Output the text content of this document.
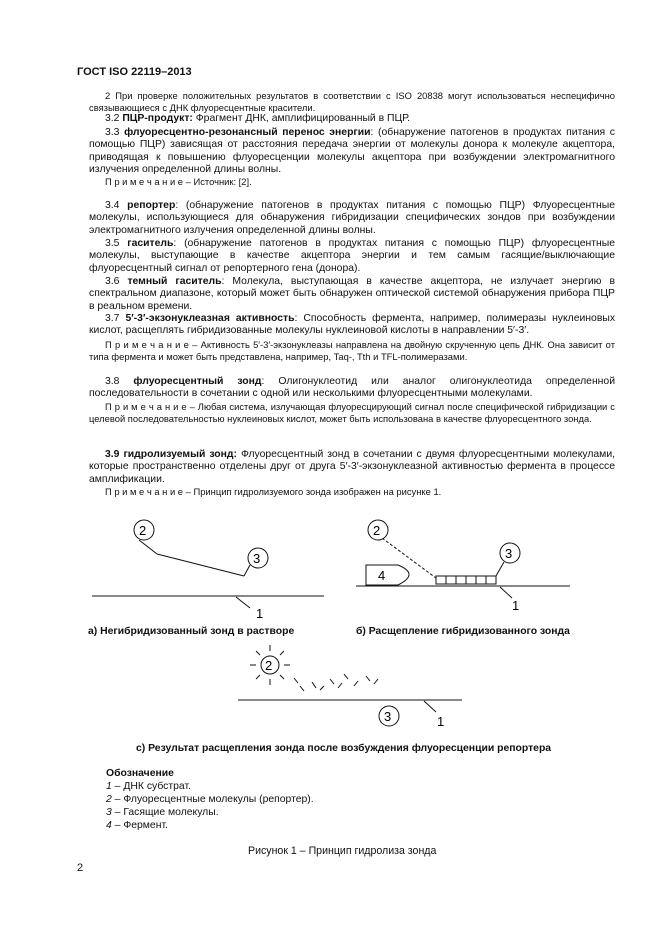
ГОСТ ISO 22119–2013
2 При проверке положительных результатов в соответствии с ISO 20838 могут использоваться неспецифично связывающиеся с ДНК флуоресцентные красители.
3.2 ПЦР-продукт: Фрагмент ДНК, амплифицированный в ПЦР.
3.3 флуоресцентно-резонансный перенос энергии: (обнаружение патогенов в продуктах питания с помощью ПЦР) зависящая от расстояния передача энергии от молекулы донора к молекуле акцептора, приводящая к повышению флуоресценции молекулы акцептора при возбуждении электромагнитного излучения определенной длины волны.
П р и м е ч а н и е – Источник: [2].
3.4 репортер: (обнаружение патогенов в продуктах питания с помощью ПЦР) Флуоресцентные молекулы, использующиеся для обнаружения гибридизации специфических зондов при возбуждении электромагнитного излучения определенной длины волны.
3.5 гаситель: (обнаружение патогенов в продуктах питания с помощью ПЦР) флуоресцентные молекулы, выступающие в качестве акцептора энергии и тем самым гасящие/выключающие флуоресцентный сигнал от репортерного гена (донора).
3.6 темный гаситель: Молекула, выступающая в качестве акцептора, не излучает энергию в спектральном диапазоне, который может быть обнаружен оптической системой обнаружения прибора ПЦР в реальном времени.
3.7 5′-3′-экзонуклеазная активность: Способность фермента, например, полимеразы нуклеиновых кислот, расщеплять гибридизованные молекулы нуклеиновой кислоты в направлении 5′-3′.
П р и м е ч а н и е – Активность 5′-3′-экзонуклеазы направлена на двойную скрученную цепь ДНК. Она зависит от типа фермента и может быть представлена, например, Taq-, Tth и TFL-полимеразами.
3.8 флуоресцентный зонд: Олигонуклеотид или аналог олигонуклеотида определенной последовательности в сочетании с одной или несколькими флуоресцентными молекулами.
П р и м е ч а н и е – Любая система, излучающая флуоресцирующий сигнал после специфической гибридизации с целевой последовательностью нуклеиновых кислот, может быть использована в качестве флуоресцентного зонда.
3.9 гидролизуемый зонд: Флуоресцентный зонд в сочетании с двумя флуоресцентными молекулами, которые пространственно отделены друг от друга 5′-3′-экзонуклеазной активностью фермента в процессе амплификации.
П р и м е ч а н и е – Принцип гидролизуемого зонда изображен на рисунке 1.
2
3
1
4
2
3
1
2
3	1
а) Негибридизованный зонд в растворе	б) Расщепление гибридизованного зонда
с) Результат расщепления зонда после возбуждения флуоресценции репортера
Обозначение
1 – ДНК субстрат.
2 – Флуоресцентные молекулы (репортер).
3 – Гасящие молекулы.
4 – Фермент.
Рисунок 1 – Принцип гидролиза зонда
2
